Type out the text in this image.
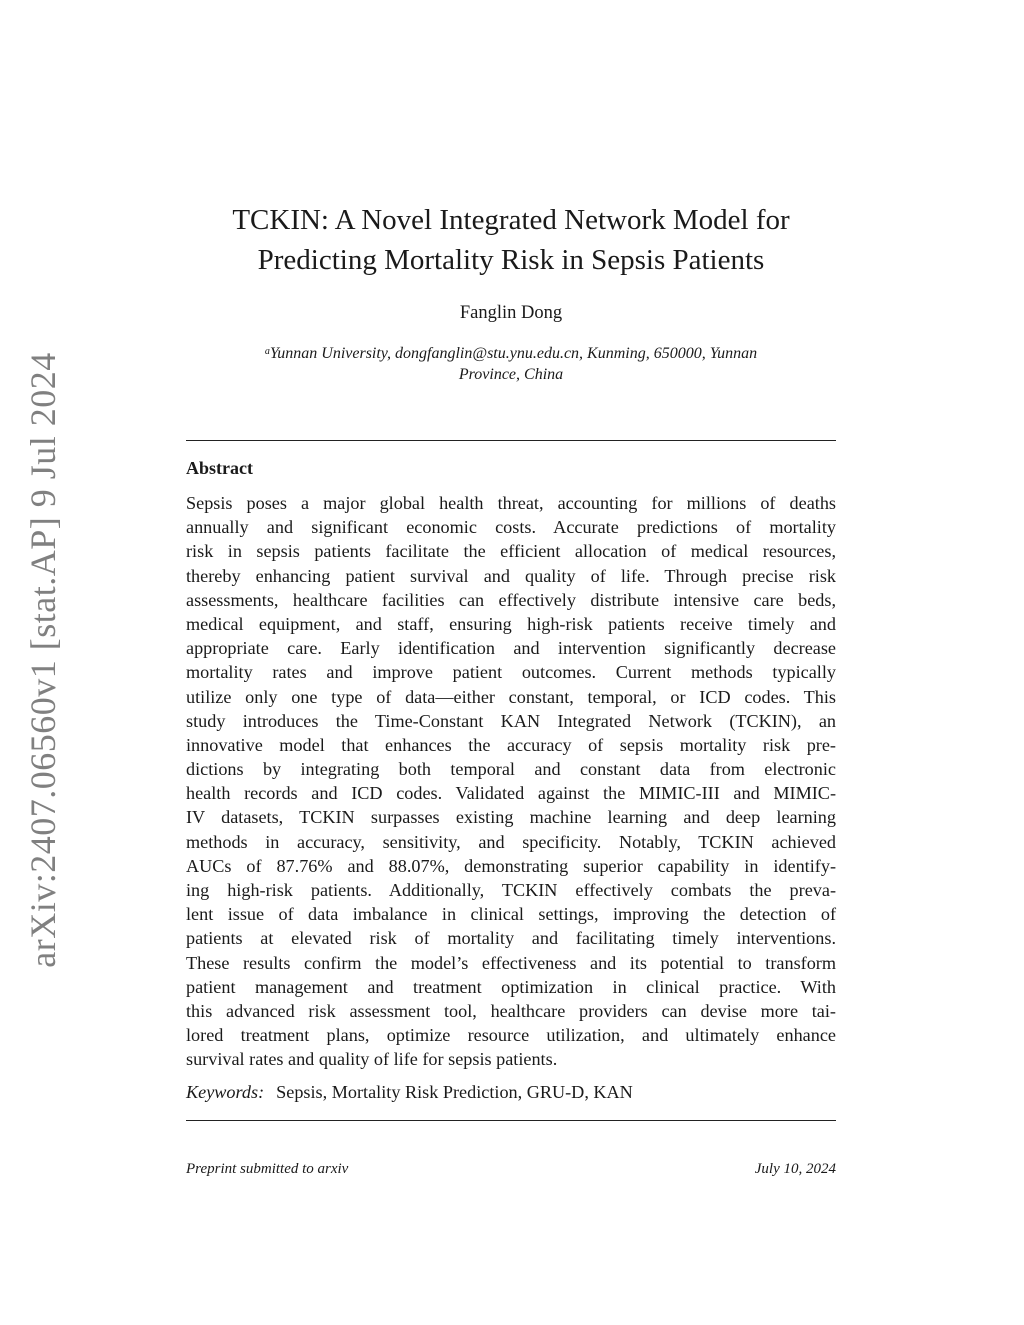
arXiv:2407.06560v1 [stat.AP] 9 Jul 2024
TCKIN: A Novel Integrated Network Model for
Predicting Mortality Risk in Sepsis Patients
Fanglin Dong
$^a$Yunnan University, dongfanglin@stu.ynu.edu.cn, Kunming, 650000, Yunnan
Province, China
Abstract
Sepsis poses a major global health threat, accounting for millions of deaths
annually and significant economic costs. Accurate predictions of mortality
risk in sepsis patients facilitate the efficient allocation of medical resources,
thereby enhancing patient survival and quality of life. Through precise risk
assessments, healthcare facilities can effectively distribute intensive care beds,
medical equipment, and staff, ensuring high-risk patients receive timely and
appropriate care. Early identification and intervention significantly decrease
mortality rates and improve patient outcomes. Current methods typically
utilize only one type of data—either constant, temporal, or ICD codes. This
study introduces the Time-Constant KAN Integrated Network (TCKIN), an
innovative model that enhances the accuracy of sepsis mortality risk pre-
dictions by integrating both temporal and constant data from electronic
health records and ICD codes. Validated against the MIMIC-III and MIMIC-
IV datasets, TCKIN surpasses existing machine learning and deep learning
methods in accuracy, sensitivity, and specificity. Notably, TCKIN achieved
AUCs of 87.76% and 88.07%, demonstrating superior capability in identify-
ing high-risk patients. Additionally, TCKIN effectively combats the preva-
lent issue of data imbalance in clinical settings, improving the detection of
patients at elevated risk of mortality and facilitating timely interventions.
These results confirm the model’s effectiveness and its potential to transform
patient management and treatment optimization in clinical practice. With
this advanced risk assessment tool, healthcare providers can devise more tai-
lored treatment plans, optimize resource utilization, and ultimately enhance
survival rates and quality of life for sepsis patients.
Keywords: Sepsis, Mortality Risk Prediction, GRU-D, KAN
Preprint submitted to arxiv	July 10, 2024
